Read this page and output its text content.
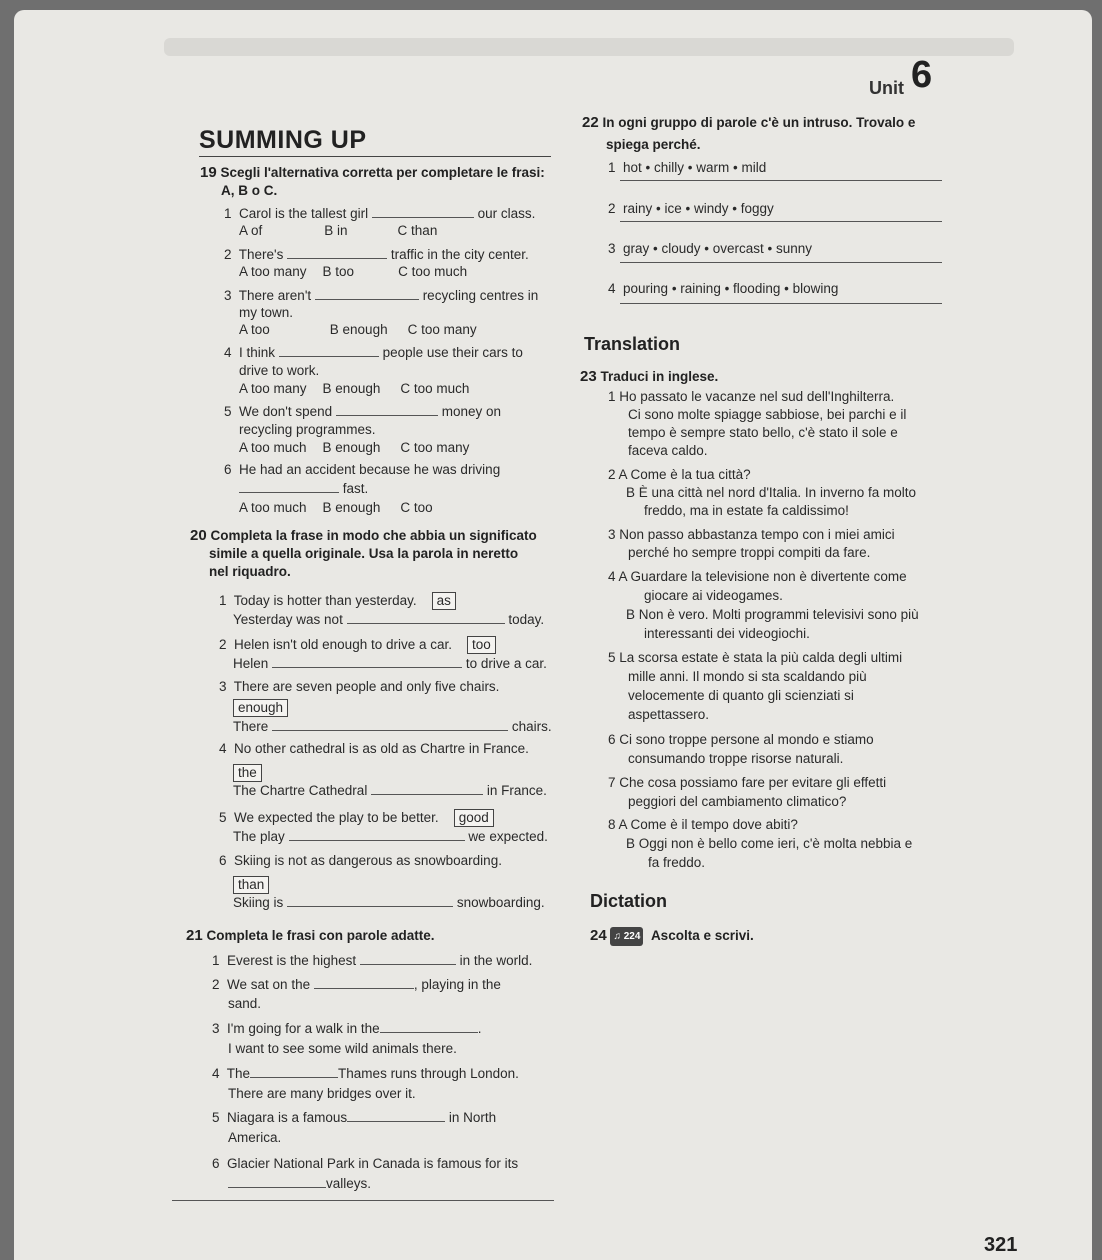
Unit 6
SUMMING UP
19 Scegli l'alternativa corretta per completare le frasi:
A, B o C.
1 Carol is the tallest girl	our class.
A of	B in	C than
2 There's	traffic in the city center.
A too many B too	C too much
3 There aren't	recycling centres in
my town.
A too	B enough C too many
4 I think	people use their cars to
drive to work.
A too many B enough C too much
5 We don't spend	money on
recycling programmes.
A too much B enough C too many
6 He had an accident because he was driving
fast.
A too much B enough C too
20 Completa la frase in modo che abbia un significato
simile a quella originale. Usa la parola in neretto
nel riquadro.
1 Today is hotter than yesterday. as
Yesterday was not	today.
2 Helen isn't old enough to drive a car. too
Helen	to drive a car.
3 There are seven people and only five chairs.
enough
There	chairs.
4 No other cathedral is as old as Chartre in France.
the
The Chartre Cathedral	in France.
5 We expected the play to be better. good
The play	we expected.
6 Skiing is not as dangerous as snowboarding.
than
Skiing is	snowboarding.
21 Completa le frasi con parole adatte.
1 Everest is the highest	in the world.
2 We sat on the	, playing in the
sand.
3 I'm going for a walk in the	.
I want to see some wild animals there.
4 The	Thames runs through London.
There are many bridges over it.
5 Niagara is a famous	in North
America.
6 Glacier National Park in Canada is famous for its
valleys.
22 In ogni gruppo di parole c'è un intruso. Trovalo e
spiega perché.
1 hot • chilly • warm • mild
2 rainy • ice • windy • foggy
3 gray • cloudy • overcast • sunny
4 pouring • raining • flooding • blowing
Translation
23 Traduci in inglese.
1 Ho passato le vacanze nel sud dell'Inghilterra.
Ci sono molte spiagge sabbiose, bei parchi e il
tempo è sempre stato bello, c'è stato il sole e
faceva caldo.
2 A Come è la tua città?
B È una città nel nord d'Italia. In inverno fa molto
freddo, ma in estate fa caldissimo!
3 Non passo abbastanza tempo con i miei amici
perché ho sempre troppi compiti da fare.
4 A Guardare la televisione non è divertente come
giocare ai videogames.
B Non è vero. Molti programmi televisivi sono più
interessanti dei videogiochi.
5 La scorsa estate è stata la più calda degli ultimi
mille anni. Il mondo si sta scaldando più
velocemente di quanto gli scienziati si
aspettassero.
6 Ci sono troppe persone al mondo e stiamo
consumando troppe risorse naturali.
7 Che cosa possiamo fare per evitare gli effetti
peggiori del cambiamento climatico?
8 A Come è il tempo dove abiti?
B Oggi non è bello come ieri, c'è molta nebbia e
fa freddo.
Dictation
24 ♫ 224 Ascolta e scrivi.
321
